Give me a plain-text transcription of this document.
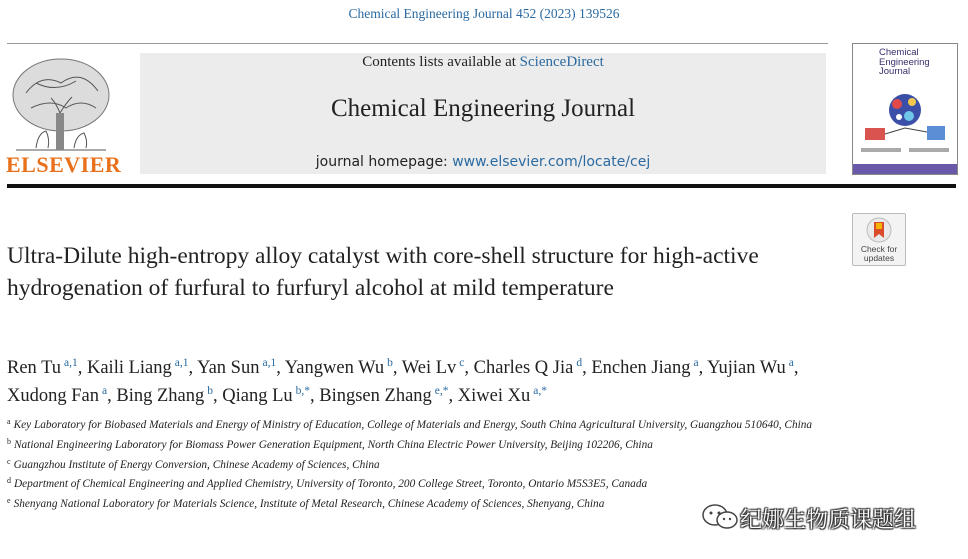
Chemical Engineering Journal 452 (2023) 139526
ELSEVIER
Contents lists available at ScienceDirect
Chemical Engineering Journal
journal homepage: www.elsevier.com/locate/cej
Chemical
Engineering
Journal
Check for
updates
Ultra-Dilute high-entropy alloy catalyst with core-shell structure for high-active hydrogenation of furfural to furfuryl alcohol at mild temperature
Ren Tu $^{a,1}$, Kaili Liang $^{a,1}$, Yan Sun $^{a,1}$, Yangwen Wu $^b$, Wei Lv $^c$, Charles Q Jia $^d$, Enchen Jiang $^a$, Yujian Wu $^a$, Xudong Fan $^a$, Bing Zhang $^b$, Qiang Lu $^{b,*}$, Bingsen Zhang $^{e,*}$, Xiwei Xu $^{a,*}$
$^a$ Key Laboratory for Biobased Materials and Energy of Ministry of Education, College of Materials and Energy, South China Agricultural University, Guangzhou 510640, China
$^b$ National Engineering Laboratory for Biomass Power Generation Equipment, North China Electric Power University, Beijing 102206, China
$^c$ Guangzhou Institute of Energy Conversion, Chinese Academy of Sciences, China
$^d$ Department of Chemical Engineering and Applied Chemistry, University of Toronto, 200 College Street, Toronto, Ontario M5S3E5, Canada
$^e$ Shenyang National Laboratory for Materials Science, Institute of Metal Research, Chinese Academy of Sciences, Shenyang, China
纪娜生物质课题组
